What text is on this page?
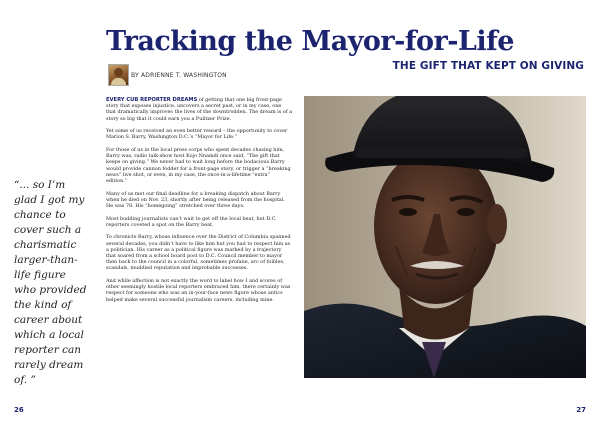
Tracking the Mayor-for-Life
THE GIFT THAT KEPT ON GIVING
BY ADRIENNE T. WASHINGTON
“... so I’m glad I got my chance to cover such a charismatic larger-than-life figure who provided the kind of career about which a local reporter can rarely dream of. ”

EVERY CUB REPORTER DREAMS of getting that one big front-page story that exposes injustice, uncovers a secret past, or in my case, one that dramatically improves the lives of the downtrodden. The dream is of a story so big that it could earn you a Pulitzer Prize.

Yet some of us received an even better reward – the opportunity to cover Marion S. Barry, Washington D.C.’s “Mayor for Life.”

For those of us in the local press corps who spent decades chasing him, Barry was, radio talk-show host Kojo Nnamdi once said, “The gift that keeps on giving.” We never had to wait long before the bodacious Barry would provide cannon fodder for a front-page story, or trigger a “breaking news” live shot, or even, in my case, the once-in-a-lifetime “extra” edition.”

Many of us met our final deadline for a breaking dispatch about Barry when he died on Nov. 23, shortly after being released from the hospital. He was 78. His “homegoing” stretched over three days.

Most budding journalists can’t wait to get off the local beat, but D.C. reporters coveted a spot on the Barry beat.

To chronicle Barry, whose influence over the District of Columbia spanned several decades, you didn’t have to like him but you had to respect him as a politician. His career as a political figure was marked by a trajectory that soared from a school board post to D.C. Council member to mayor then back to the council in a colorful, sometimes profane, arc of foibles, scandals, muddied reputation and improbable successes.

And while affection is not exactly the word to label how I and scores of other seemingly hostile local reporters embraced him, there certainly was respect for someone who was an in-your-face news figure whose antics helped make several successful journalism careers, including mine.

26	27
